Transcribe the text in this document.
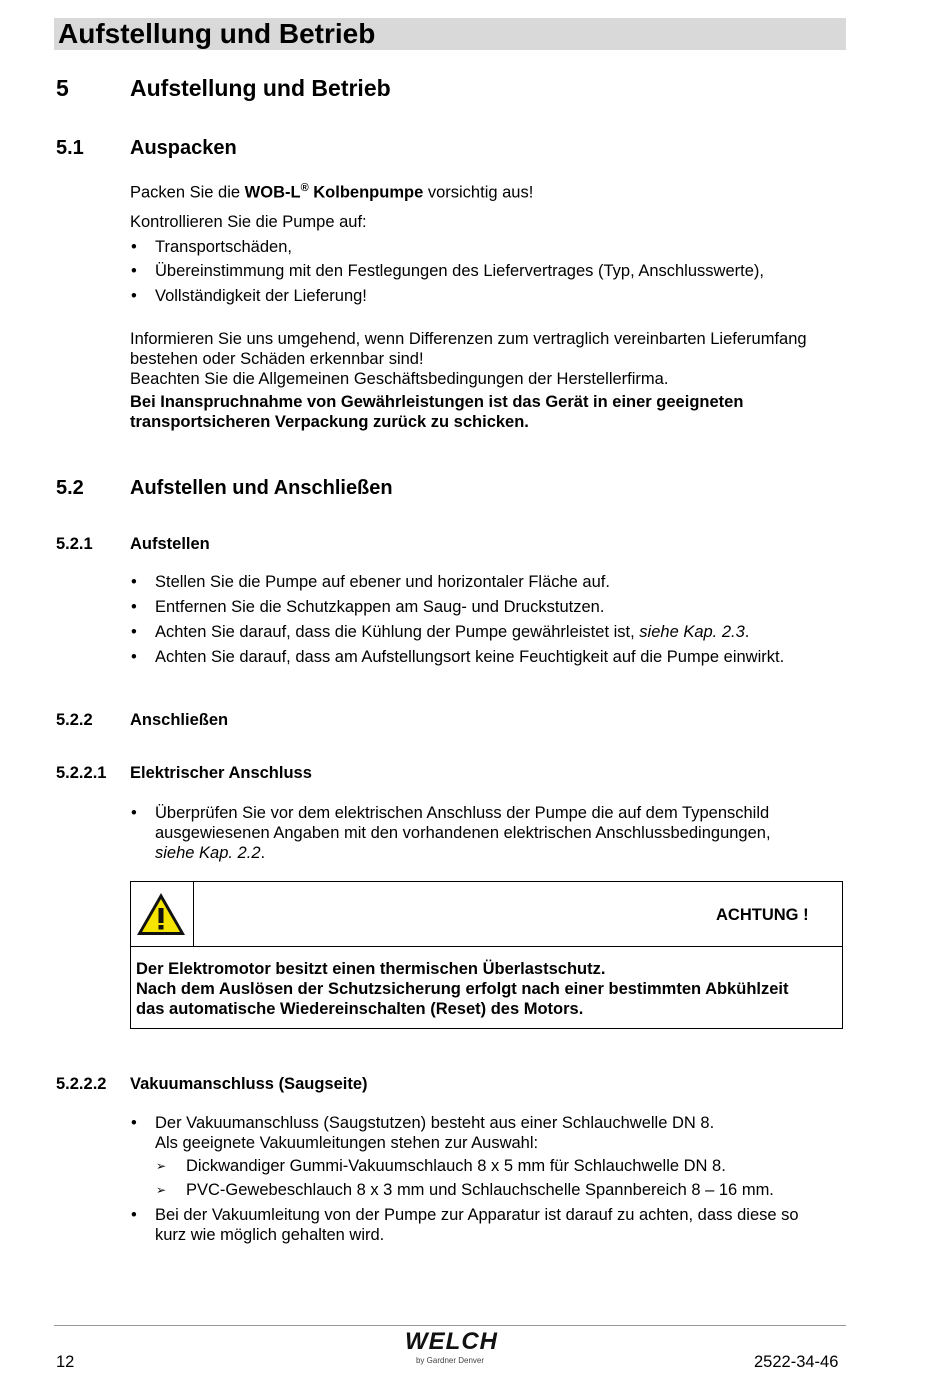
Aufstellung und Betrieb
5	Aufstellung und Betrieb
5.1 Auspacken
Packen Sie die WOB-L® Kolbenpumpe vorsichtig aus!
Kontrollieren Sie die Pumpe auf:
• Transportschäden,
• Übereinstimmung mit den Festlegungen des Liefervertrages (Typ, Anschlusswerte),
• Vollständigkeit der Lieferung!
Informieren Sie uns umgehend, wenn Differenzen zum vertraglich vereinbarten Lieferumfang
bestehen oder Schäden erkennbar sind!
Beachten Sie die Allgemeinen Geschäftsbedingungen der Herstellerfirma.
Bei Inanspruchnahme von Gewährleistungen ist das Gerät in einer geeigneten
transportsicheren Verpackung zurück zu schicken.
5.2 Aufstellen und Anschließen
5.2.1 Aufstellen
• Stellen Sie die Pumpe auf ebener und horizontaler Fläche auf.
• Entfernen Sie die Schutzkappen am Saug- und Druckstutzen.
• Achten Sie darauf, dass die Kühlung der Pumpe gewährleistet ist, siehe Kap. 2.3.
• Achten Sie darauf, dass am Aufstellungsort keine Feuchtigkeit auf die Pumpe einwirkt.
5.2.2 Anschließen
5.2.2.1 Elektrischer Anschluss
• Überprüfen Sie vor dem elektrischen Anschluss der Pumpe die auf dem Typenschild
ausgewiesenen Angaben mit den vorhandenen elektrischen Anschlussbedingungen,
siehe Kap. 2.2.
ACHTUNG !
Der Elektromotor besitzt einen thermischen Überlastschutz.
Nach dem Auslösen der Schutzsicherung erfolgt nach einer bestimmten Abkühlzeit
das automatische Wiedereinschalten (Reset) des Motors.
5.2.2.2 Vakuumanschluss (Saugseite)
• Der Vakuumanschluss (Saugstutzen) besteht aus einer Schlauchwelle DN 8.
Als geeignete Vakuumleitungen stehen zur Auswahl:
➢ Dickwandiger Gummi-Vakuumschlauch 8 x 5 mm für Schlauchwelle DN 8.
➢ PVC-Gewebeschlauch 8 x 3 mm und Schlauchschelle Spannbereich 8 – 16 mm.
• Bei der Vakuumleitung von der Pumpe zur Apparatur ist darauf zu achten, dass diese so
kurz wie möglich gehalten wird.
12
WELCH
by Gardner Denver	2522-34-46
